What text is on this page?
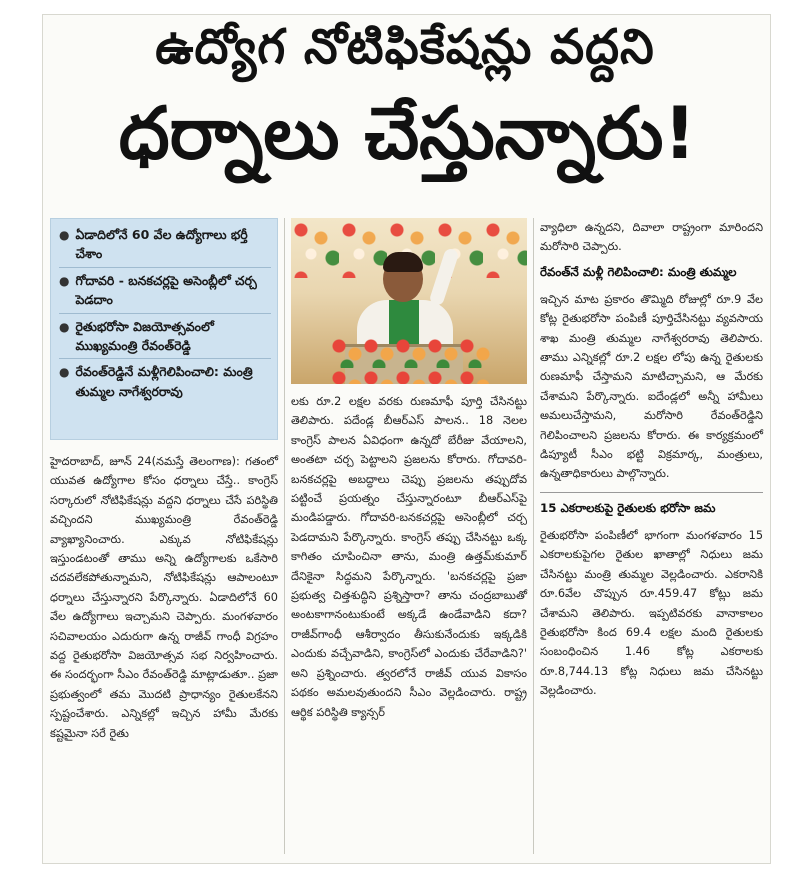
ఉద్యోగ నోటిఫికేషన్లు వద్దని
ధర్నాలు చేస్తున్నారు!
● ఏడాదిలోనే 60 వేల ఉద్యోగాలు భర్తీ చేశాం
● గోదావరి - బనకచర్లపై అసెంబ్లీలో చర్చ పెడదాం
● రైతుభరోసా విజయోత్సవంలో ముఖ్యమంత్రి రేవంత్‌రెడ్డి
● రేవంత్‌రెడ్డినే మళ్లీగెలిపించాలి: మంత్రి తుమ్మల నాగేశ్వరరావు

హైదరాబాద్, జూన్ 24(నమస్తే తెలంగాణ): గతంలో యువత ఉద్యోగాల కోసం ధర్నాలు చేస్తే.. కాంగ్రెస్ సర్కారులో నోటిఫికేషన్లు వద్దని ధర్నాలు చేసే పరిస్థితి వచ్చిందని ముఖ్యమంత్రి రేవంత్‌రెడ్డి వ్యాఖ్యానించారు. ఎక్కువ నోటిఫికేషన్లు ఇస్తుండటంతో తాము అన్ని ఉద్యోగాలకు ఒకేసారి చదవలేకపోతున్నామని, నోటిఫికేషన్లు ఆపాలంటూ ధర్నాలు చేస్తున్నారని పేర్కొన్నారు. ఏడాదిలోనే 60 వేల ఉద్యోగాలు ఇచ్చామని చెప్పారు. మంగళవారం సచివాలయం ఎదురుగా ఉన్న రాజీవ్ గాంధీ విగ్రహం వద్ద రైతుభరోసా విజయోత్సవ సభ నిర్వహించారు. ఈ సందర్భంగా సీఎం రేవంత్‌రెడ్డి మాట్లాడుతూ.. ప్రజా ప్రభుత్వంలో తమ మొదటి ప్రాధాన్యం రైతులకేనని స్పష్టంచేశారు. ఎన్నికల్లో ఇచ్చిన హామీ మేరకు కష్టమైనా సరే రైతు

లకు రూ.2 లక్షల వరకు రుణమాఫీ పూర్తి చేసినట్టు తెలిపారు. పదేండ్ల బీఆర్‌ఎస్ పాలన.. 18 నెలల కాంగ్రెస్ పాలన ఏవిధంగా ఉన్నదో బేరీజు వేయాలని, అంతటా చర్చ పెట్టాలని ప్రజలను కోరారు. గోదావరి-బనకచర్లపై అబద్ధాలు చెప్పు ప్రజలను తప్పుదోవ పట్టించే ప్రయత్నం చేస్తున్నారంటూ బీఆర్‌ఎస్‌పై మండిపడ్డారు. గోదావరి-బనకచర్లపై అసెంబ్లీలో చర్చ పెడదామని పేర్కొన్నారు. కాంగ్రెస్ తప్పు చేసినట్టు ఒక్క కాగితం చూపించినా తాను, మంత్రి ఉత్తమ్‌కుమార్ దేనికైనా సిద్ధమని పేర్కొన్నారు. 'బనకచర్లపై ప్రజా ప్రభుత్వ చిత్తశుద్ధిని ప్రశ్నిస్తారా? తాను చంద్రబాబుతో అంటకాగానంటుకుంటే అక్కడే ఉండేవాడిని కదా? రాజీవ్‌గాంధీ ఆశీర్వాదం తీసుకునేందుకు ఇక్కడికి ఎందుకు వచ్చేవాడిని, కాంగ్రెస్‌లో ఎందుకు చేరేవాడిని?' అని ప్రశ్నించారు. త్వరలోనే రాజీవ్ యువ వికాసం పథకం అమలవుతుందని సీఎం వెల్లడించారు. రాష్ట్ర ఆర్థిక పరిస్థితి క్యాన్సర్

వ్యాధిలా ఉన్నదని, దివాలా రాష్ట్రంగా మారిందని మరోసారి చెప్పారు.

రేవంత్‌నే మళ్లీ గెలిపించాలి: మంత్రి తుమ్మల

ఇచ్చిన మాట ప్రకారం తొమ్మిది రోజుల్లో రూ.9 వేల కోట్ల రైతుభరోసా పంపిణీ పూర్తిచేసినట్టు వ్యవసాయ శాఖ మంత్రి తుమ్మల నాగేశ్వరరావు తెలిపారు. తాము ఎన్నికల్లో రూ.2 లక్షల లోపు ఉన్న రైతులకు రుణమాఫీ చేస్తామని మాటిచ్చామని, ఆ మేరకు చేశామని పేర్కొన్నారు. ఐదేండ్లలో అన్నీ హామీలు అమలుచేస్తామని, మరోసారి రేవంత్‌రెడ్డిని గెలిపించాలని ప్రజలను కోరారు. ఈ కార్యక్రమంలో డిప్యూటీ సీఎం భట్టి విక్రమార్క, మంత్రులు, ఉన్నతాధికారులు పాల్గొన్నారు.

15 ఎకరాలకుపై రైతులకు భరోసా జమ

రైతుభరోసా పంపిణీలో భాగంగా మంగళవారం 15 ఎకరాలకుపైగల రైతుల ఖాతాల్లో నిధులు జమ చేసినట్టు మంత్రి తుమ్మల వెల్లడించారు. ఎకరానికి రూ.6వేల చొప్పున రూ.459.47 కోట్లు జమ చేశామని తెలిపారు. ఇప్పటివరకు వానాకాలం రైతుభరోసా కింద 69.4 లక్షల మంది రైతులకు సంబంధించిన 1.46 కోట్ల ఎకరాలకు రూ.8,744.13 కోట్ల నిధులు జమ చేసినట్టు వెల్లడించారు.
